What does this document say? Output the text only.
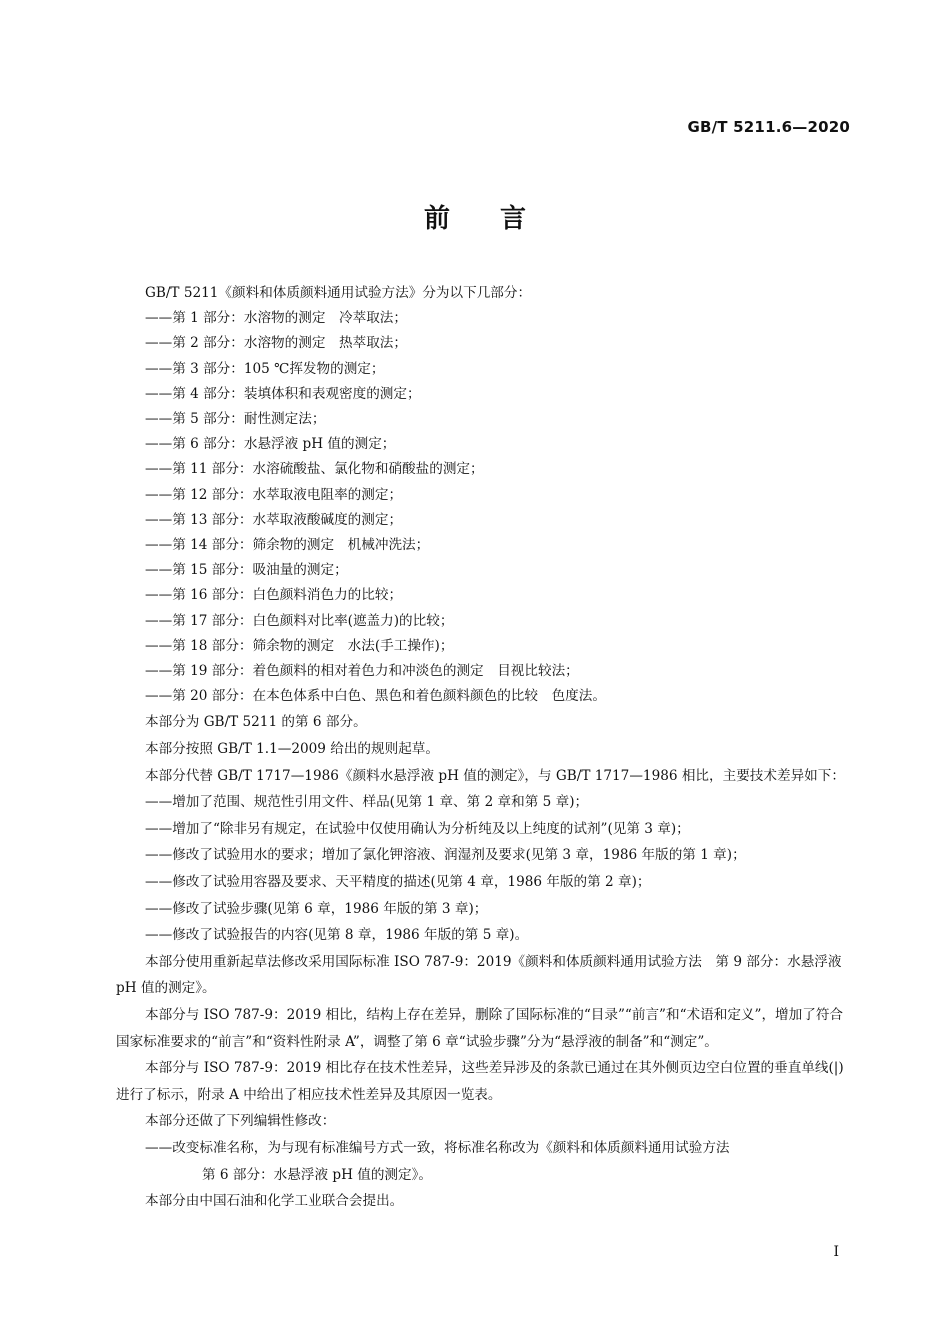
GB/T 5211.6—2020
前言

GB/T 5211《颜料和体质颜料通用试验方法》分为以下几部分：

——第 1 部分：水溶物的测定　冷萃取法；

——第 2 部分：水溶物的测定　热萃取法；

——第 3 部分：105 ℃挥发物的测定；

——第 4 部分：装填体积和表观密度的测定；

——第 5 部分：耐性测定法；

——第 6 部分：水悬浮液 pH 值的测定；

——第 11 部分：水溶硫酸盐、氯化物和硝酸盐的测定；

——第 12 部分：水萃取液电阻率的测定；

——第 13 部分：水萃取液酸碱度的测定；

——第 14 部分：筛余物的测定　机械冲洗法；

——第 15 部分：吸油量的测定；

——第 16 部分：白色颜料消色力的比较；

——第 17 部分：白色颜料对比率(遮盖力)的比较；

——第 18 部分：筛余物的测定　水法(手工操作)；

——第 19 部分：着色颜料的相对着色力和冲淡色的测定　目视比较法；

——第 20 部分：在本色体系中白色、黑色和着色颜料颜色的比较　色度法。

本部分为 GB/T 5211 的第 6 部分。

本部分按照 GB/T 1.1—2009 给出的规则起草。

本部分代替 GB/T 1717—1986《颜料水悬浮液 pH 值的测定》，与 GB/T 1717—1986 相比，主要技术差异如下：

——增加了范围、规范性引用文件、样品(见第 1 章、第 2 章和第 5 章)；

——增加了“除非另有规定，在试验中仅使用确认为分析纯及以上纯度的试剂”(见第 3 章)；

——修改了试验用水的要求；增加了氯化钾溶液、润湿剂及要求(见第 3 章，1986 年版的第 1 章)；

——修改了试验用容器及要求、天平精度的描述(见第 4 章，1986 年版的第 2 章)；

——修改了试验步骤(见第 6 章，1986 年版的第 3 章)；

——修改了试验报告的内容(见第 8 章，1986 年版的第 5 章)。

本部分使用重新起草法修改采用国际标准 ISO 787-9：2019《颜料和体质颜料通用试验方法　第 9 部分：水悬浮液 pH 值的测定》。

本部分与 ISO 787-9：2019 相比，结构上存在差异，删除了国际标准的“目录”“前言”和“术语和定义”，增加了符合国家标准要求的“前言”和“资料性附录 A”，调整了第 6 章“试验步骤”分为“悬浮液的制备”和“测定”。

本部分与 ISO 787-9：2019 相比存在技术性差异，这些差异涉及的条款已通过在其外侧页边空白位置的垂直单线(|)进行了标示，附录 A 中给出了相应技术性差异及其原因一览表。

本部分还做了下列编辑性修改：

——改变标准名称，为与现有标准编号方式一致，将标准名称改为《颜料和体质颜料通用试验方法

第 6 部分：水悬浮液 pH 值的测定》。

本部分由中国石油和化学工业联合会提出。

I
